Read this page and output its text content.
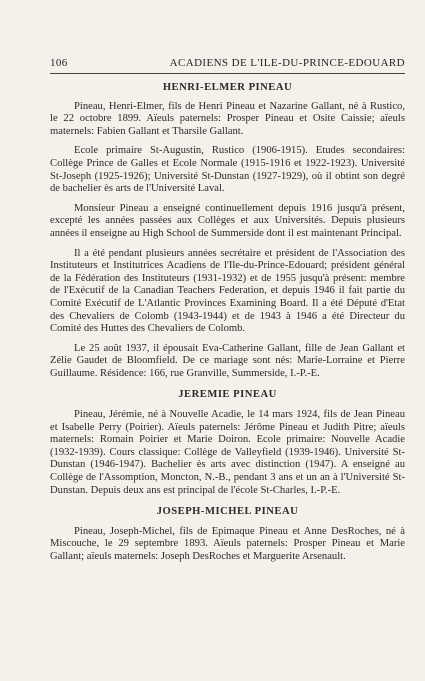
106	ACADIENS DE L'ILE-DU-PRINCE-EDOUARD
HENRI-ELMER PINEAU

Pineau, Henri-Elmer, fils de Henri Pineau et Nazarine Gallant, né à Rustico, le 22 octobre 1899. Aïeuls paternels: Prosper Pineau et Osite Caissie; aïeuls maternels: Fabien Gallant et Tharsile Gallant.

Ecole primaire St-Augustin, Rustico (1906-1915). Etudes secondaires: Collège Prince de Galles et Ecole Normale (1915-1916 et 1922-1923). Université St-Joseph (1925-1926); Université St-Dunstan (1927-1929), où il obtint son degré de bachelier ès arts de l'Université Laval.

Monsieur Pineau a enseigné continuellement depuis 1916 jusqu'à présent, excepté les années passées aux Collèges et aux Universités. Depuis plusieurs années il enseigne au High School de Summerside dont il est maintenant Principal.

Il a été pendant plusieurs années secrétaire et président de l'Association des Instituteurs et Institutrices Acadiens de l'Ile-du-Prince-Edouard; président général de la Fédération des Instituteurs (1931-1932) et de 1955 jusqu'à présent: membre de l'Exécutif de la Canadian Teachers Federation, et depuis 1946 il fait partie du Comité Exécutif de L'Atlantic Provinces Examining Board. Il a été Député d'Etat des Chevaliers de Colomb (1943-1944) et de 1943 à 1946 a été Directeur du Comité des Huttes des Chevaliers de Colomb.

Le 25 août 1937, il épousait Eva-Catherine Gallant, fille de Jean Gallant et Zélie Gaudet de Bloomfield. De ce mariage sont nés: Marie-Lorraine et Pierre Guillaume. Résidence: 166, rue Granville, Summerside, I.-P.-E.

JEREMIE PINEAU

Pineau, Jérémie, né à Nouvelle Acadie, le 14 mars 1924, fils de Jean Pineau et Isabelle Perry (Poirier). Aïeuls paternels: Jérôme Pineau et Judith Pitre; aïeuls maternels: Romain Poirier et Marie Doiron. Ecole primaire: Nouvelle Acadie (1932-1939). Cours classique: Collège de Valleyfield (1939-1946). Université St-Dunstan (1946-1947). Bachelier ès arts avec distinction (1947). A enseigné au Collège de l'Assomption, Moncton, N.-B., pendant 3 ans et un an à l'Université St-Dunstan. Depuis deux ans est principal de l'école St-Charles, I.-P.-E.

JOSEPH-MICHEL PINEAU

Pineau, Joseph-Michel, fils de Epimaque Pineau et Anne DesRoches, né à Miscouche, le 29 septembre 1893. Aïeuls paternels: Prosper Pineau et Marie Gallant; aïeuls maternels: Joseph DesRoches et Marguerite Arsenault.
